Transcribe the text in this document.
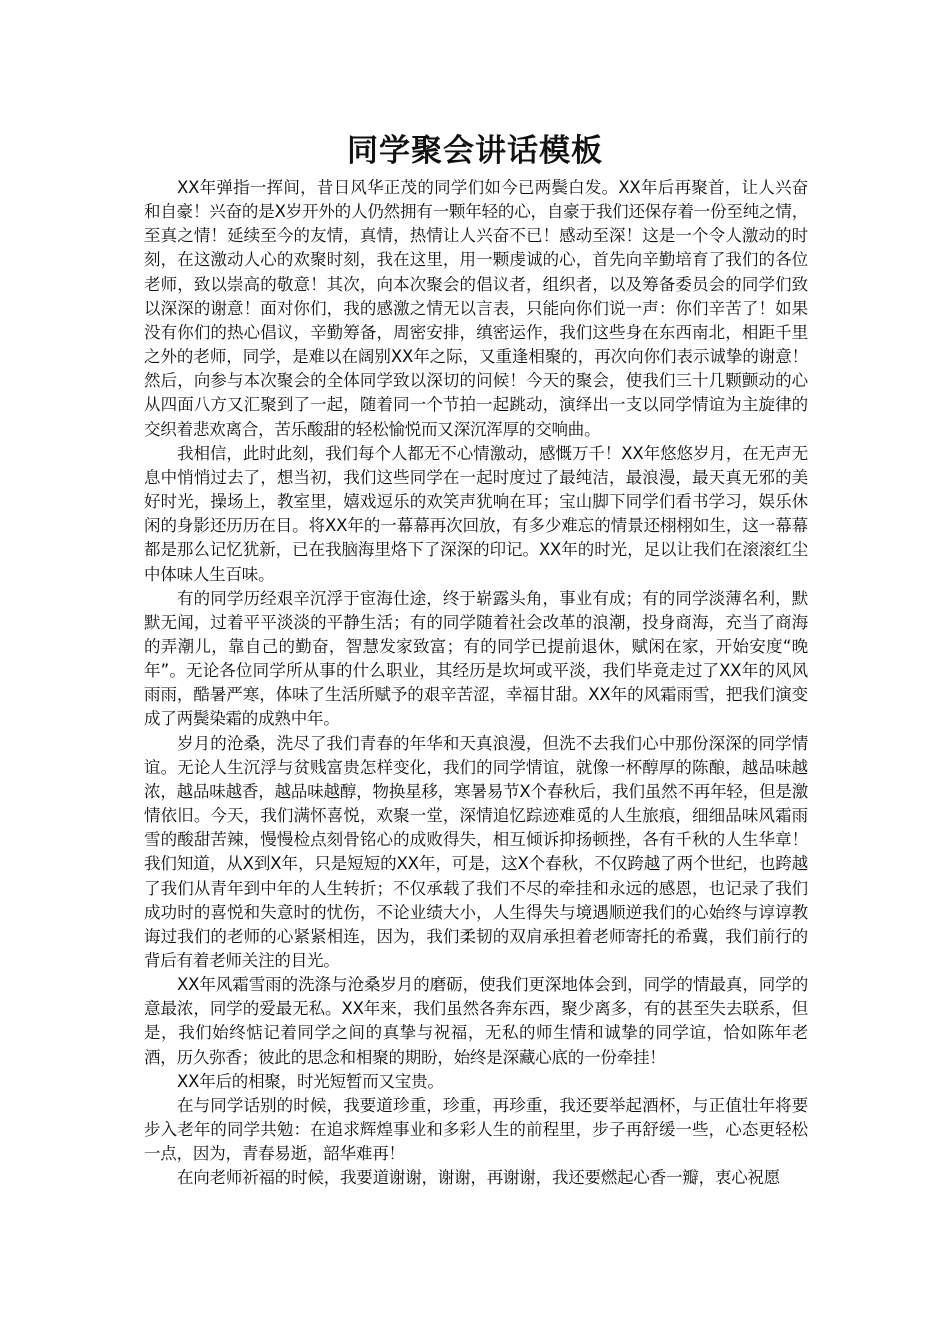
同学聚会讲话模板

XX年弹指一挥间，昔日风华正茂的同学们如今已两鬓白发。XX年后再聚首，让人兴奋和自豪！兴奋的是X岁开外的人仍然拥有一颗年轻的心，自豪于我们还保存着一份至纯之情，至真之情！延续至今的友情，真情，热情让人兴奋不已！感动至深！这是一个令人激动的时刻，在这激动人心的欢聚时刻，我在这里，用一颗虔诚的心，首先向辛勤培育了我们的各位老师，致以崇高的敬意！其次，向本次聚会的倡议者，组织者，以及筹备委员会的同学们致以深深的谢意！面对你们，我的感激之情无以言表，只能向你们说一声：你们辛苦了！如果没有你们的热心倡议，辛勤筹备，周密安排，缜密运作，我们这些身在东西南北，相距千里之外的老师，同学，是难以在阔别XX年之际，又重逢相聚的，再次向你们表示诚挚的谢意！然后，向参与本次聚会的全体同学致以深切的问候！今天的聚会，使我们三十几颗颤动的心从四面八方又汇聚到了一起，随着同一个节拍一起跳动，演绎出一支以同学情谊为主旋律的交织着悲欢离合，苦乐酸甜的轻松愉悦而又深沉浑厚的交响曲。

我相信，此时此刻，我们每个人都无不心情激动，感慨万千！XX年悠悠岁月，在无声无息中悄悄过去了，想当初，我们这些同学在一起时度过了最纯洁，最浪漫，最天真无邪的美好时光，操场上，教室里，嬉戏逗乐的欢笑声犹响在耳；宝山脚下同学们看书学习，娱乐休闲的身影还历历在目。将XX年的一幕幕再次回放，有多少难忘的情景还栩栩如生，这一幕幕都是那么记忆犹新，已在我脑海里烙下了深深的印记。XX年的时光，足以让我们在滚滚红尘中体味人生百味。

有的同学历经艰辛沉浮于宦海仕途，终于崭露头角，事业有成；有的同学淡薄名利，默默无闻，过着平平淡淡的平静生活；有的同学随着社会改革的浪潮，投身商海，充当了商海的弄潮儿，靠自己的勤奋，智慧发家致富；有的同学已提前退休，赋闲在家，开始安度“晚年”。无论各位同学所从事的什么职业，其经历是坎坷或平淡，我们毕竟走过了XX年的风风雨雨，酷暑严寒，体味了生活所赋予的艰辛苦涩，幸福甘甜。XX年的风霜雨雪，把我们演变成了两鬓染霜的成熟中年。

岁月的沧桑，洗尽了我们青春的年华和天真浪漫，但洗不去我们心中那份深深的同学情谊。无论人生沉浮与贫贱富贵怎样变化，我们的同学情谊，就像一杯醇厚的陈酿，越品味越浓，越品味越香，越品味越醇，物换星移，寒暑易节X个春秋后，我们虽然不再年轻，但是激情依旧。今天，我们满怀喜悦，欢聚一堂，深情追忆踪迹难觅的人生旅痕，细细品味风霜雨雪的酸甜苦辣，慢慢检点刻骨铭心的成败得失，相互倾诉抑扬顿挫，各有千秋的人生华章！我们知道，从X到X年，只是短短的XX年，可是，这X个春秋，不仅跨越了两个世纪，也跨越了我们从青年到中年的人生转折；不仅承载了我们不尽的牵挂和永远的感恩，也记录了我们成功时的喜悦和失意时的忧伤，不论业绩大小，人生得失与境遇顺逆我们的心始终与谆谆教诲过我们的老师的心紧紧相连，因为，我们柔韧的双肩承担着老师寄托的希冀，我们前行的背后有着老师关注的目光。

XX年风霜雪雨的洗涤与沧桑岁月的磨砺，使我们更深地体会到，同学的情最真，同学的意最浓，同学的爱最无私。XX年来，我们虽然各奔东西，聚少离多，有的甚至失去联系，但是，我们始终惦记着同学之间的真挚与祝福，无私的师生情和诚挚的同学谊，恰如陈年老酒，历久弥香；彼此的思念和相聚的期盼，始终是深藏心底的一份牵挂！

XX年后的相聚，时光短暂而又宝贵。

在与同学话别的时候，我要道珍重，珍重，再珍重，我还要举起酒杯，与正值壮年将要步入老年的同学共勉：在追求辉煌事业和多彩人生的前程里，步子再舒缓一些，心态更轻松一点，因为，青春易逝，韶华难再！

在向老师祈福的时候，我要道谢谢，谢谢，再谢谢，我还要燃起心香一瓣，衷心祝愿
